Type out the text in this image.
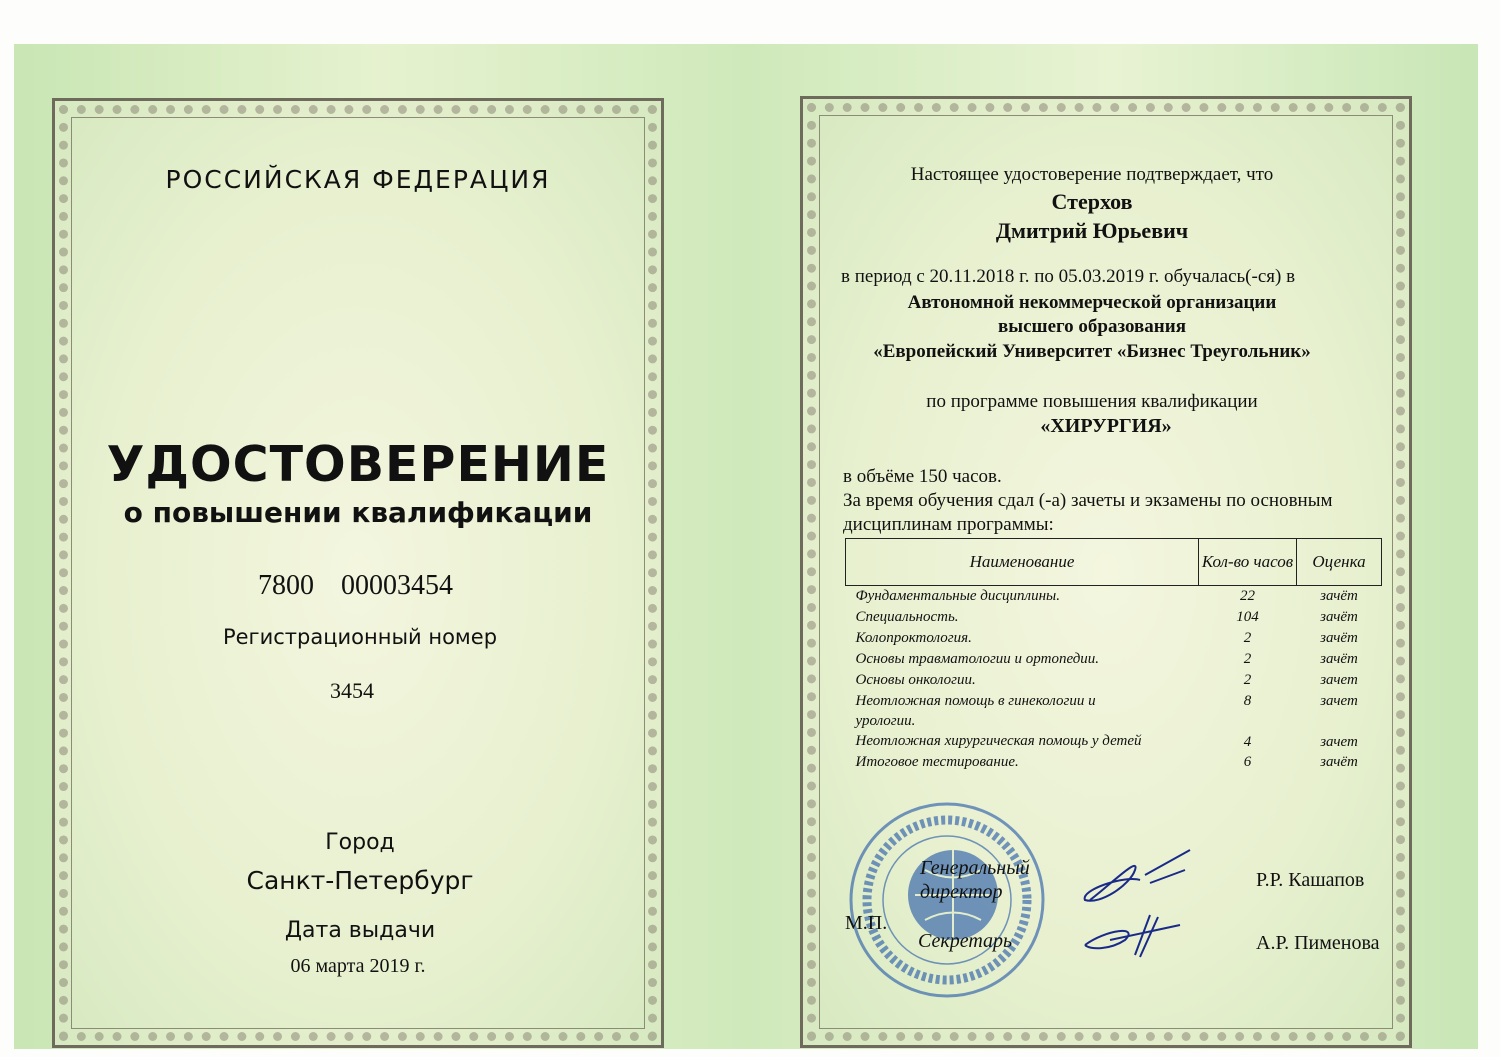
РОССИЙСКАЯ ФЕДЕРАЦИЯ
УДОСТОВЕРЕНИЕ
о повышении квалификации
7800 00003454
Регистрационный номер
3454
Город
Санкт-Петербург
Дата выдачи
06 марта 2019 г.
Настоящее удостоверение подтверждает, что
Стерхов
Дмитрий Юрьевич
в период с 20.11.2018 г. по 05.03.2019 г. обучалась(-ся) в
Автономной некоммерческой организации
высшего образования
«Европейский Университет «Бизнес Треугольник»
по программе повышения квалификации
«ХИРУРГИЯ»
в объёме 150 часов.
За время обучения сдал (-а) зачеты и экзамены по основным
дисциплинам программы:
Наименование	Кол-во часов	Оценка
Фундаментальные дисциплины.	22	зачёт
Специальность.	104	зачёт
Колопроктология.	2	зачёт
Основы травматологии и ортопедии.	2	зачёт
Основы онкологии.	2	зачет
Неотложная помощь в гинекологии и урологии.	8	зачет
Неотложная хирургическая помощь у детей	4	зачет
Итоговое тестирование.	6	зачёт
Генеральный директор
М.П.
Секретарь
Р.Р. Кашапов
А.Р. Пименова
